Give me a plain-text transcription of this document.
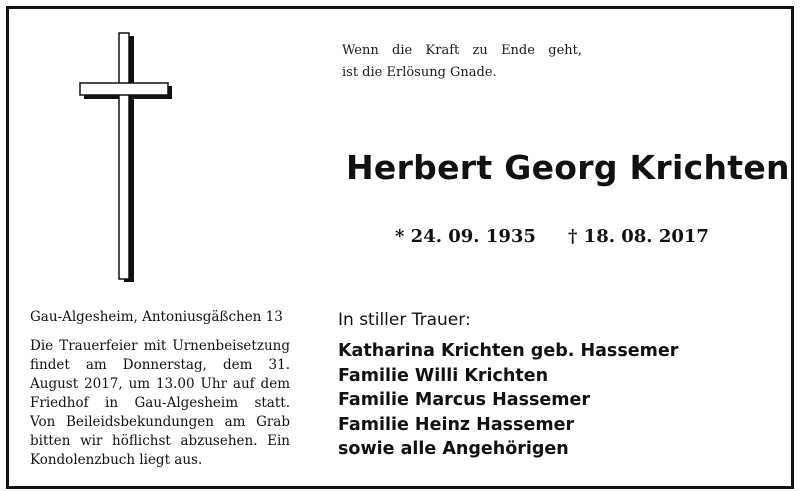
Wenn die Kraft zu Ende geht,
ist die Erlösung Gnade.
Herbert Georg Krichten
* 24. 09. 1935 † 18. 08. 2017
Gau-Algesheim, Antoniusgäßchen 13
Die Trauerfeier mit Urnenbeisetzung
findet am Donnerstag, dem 31.
August 2017, um 13.00 Uhr auf dem
Friedhof in Gau-Algesheim statt.
Von Beileidsbekundungen am Grab
bitten wir höflichst abzusehen. Ein
Kondolenzbuch liegt aus.
In stiller Trauer:
Katharina Krichten geb. Hassemer
Familie Willi Krichten
Familie Marcus Hassemer
Familie Heinz Hassemer
sowie alle Angehörigen
